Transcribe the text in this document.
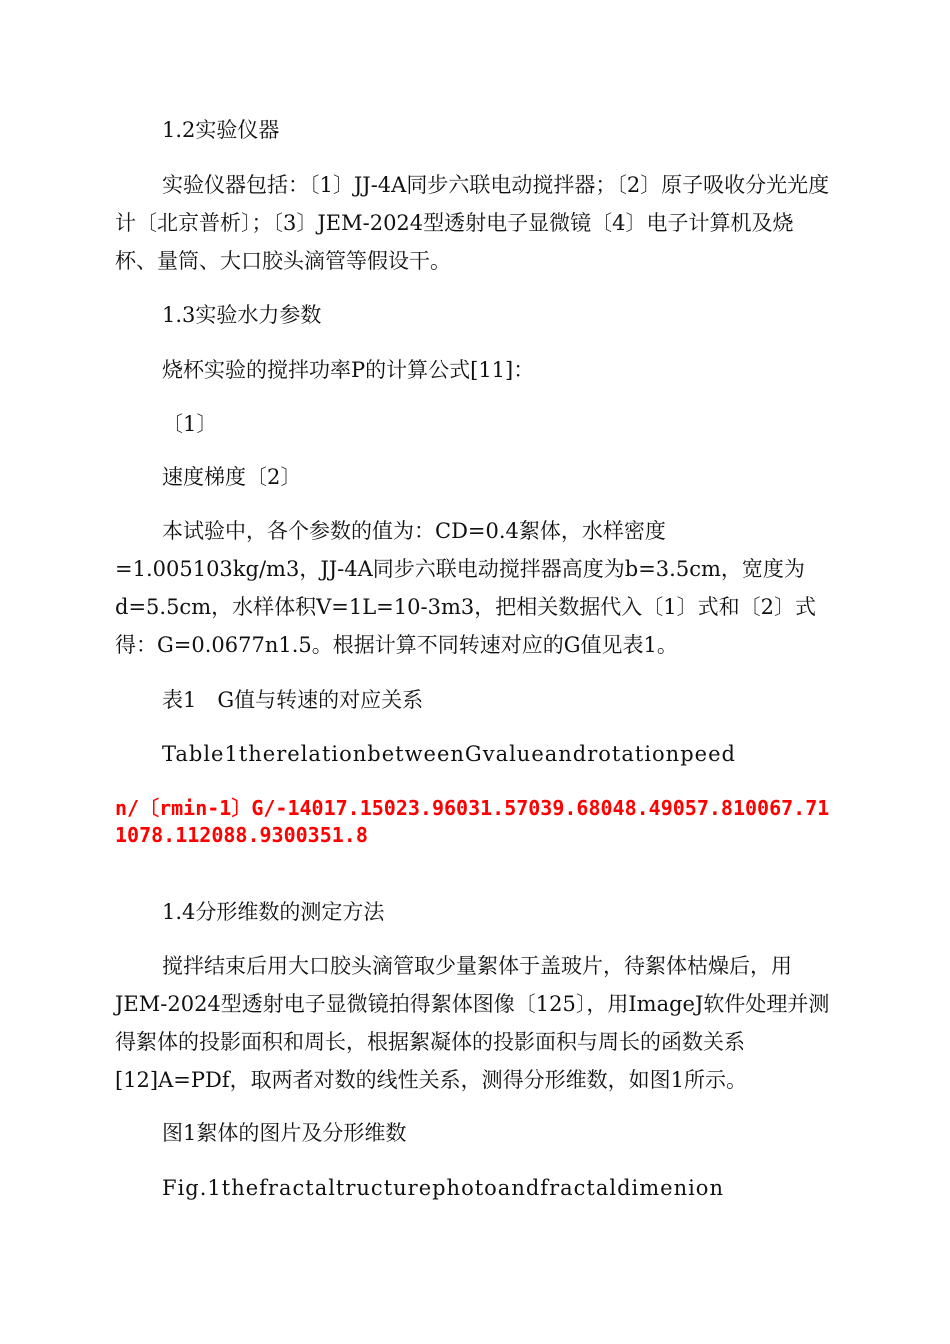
1.2实验仪器
实验仪器包括：〔1〕JJ-4A同步六联电动搅拌器；〔2〕原子吸收分光光度计〔北京普析〕；〔3〕JEM-2024型透射电子显微镜〔4〕电子计算机及烧杯、量筒、大口胶头滴管等假设干。
1.3实验水力参数
烧杯实验的搅拌功率P的计算公式[11]：
〔1〕
速度梯度〔2〕
本试验中，各个参数的值为：CD=0.4絮体，水样密度=1.005103kg/m3，JJ-4A同步六联电动搅拌器高度为b=3.5cm，宽度为d=5.5cm，水样体积V=1L=10-3m3，把相关数据代入〔1〕式和〔2〕式得：G=0.0677n1.5。根据计算不同转速对应的G值见表1。
表1　G值与转速的对应关系
Table1therelationbetweenGvalueandrotationpeed
n/〔rmin-1〕G/-14017.15023.96031.57039.68048.49057.810067.711078.112088.9300351.8
1.4分形维数的测定方法
搅拌结束后用大口胶头滴管取少量絮体于盖玻片，待絮体枯燥后，用JEM-2024型透射电子显微镜拍得絮体图像〔125〕，用ImageJ软件处理并测得絮体的投影面积和周长，根据絮凝体的投影面积与周长的函数关系[12]A=PDf，取两者对数的线性关系，测得分形维数，如图1所示。
图1絮体的图片及分形维数
Fig.1thefractaltructurephotoandfractaldimenion
